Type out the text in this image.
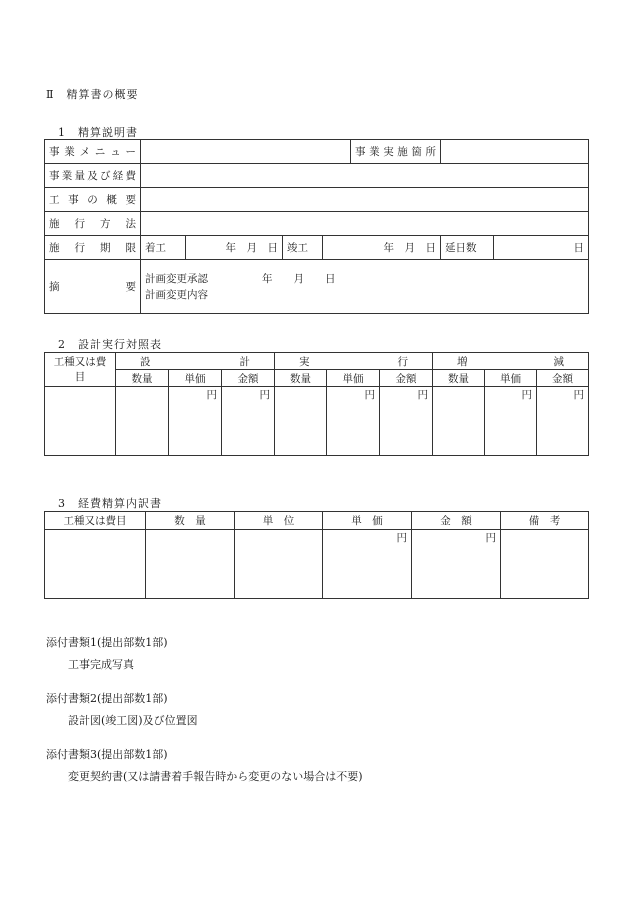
Ⅱ　精算書の概要
1　精算説明書
事業メニュー					事業実施箇所		
事業量及び経費							
工事の概要							
施行方法							
施行期限	着工	年　月　日	竣工	年　月　日		延日数	日
摘　要	計画変更承認 年　　月　　日
計画変更内容						
2　設計実行対照表
工種又は費目	設　計			実　行			増　減		

	数量	単価	金額	数量	単価	金額	数量	単価	金額
		円	円		円	円		円	円
3　経費精算内訳書
工種又は費目	数　量	単　位	単　価	金　額	備　考
			円	円	
添付書類1(提出部数1部)
工事完成写真
添付書類2(提出部数1部)
設計図(竣工図)及び位置図
添付書類3(提出部数1部)
変更契約書(又は請書着手報告時から変更のない場合は不要)
